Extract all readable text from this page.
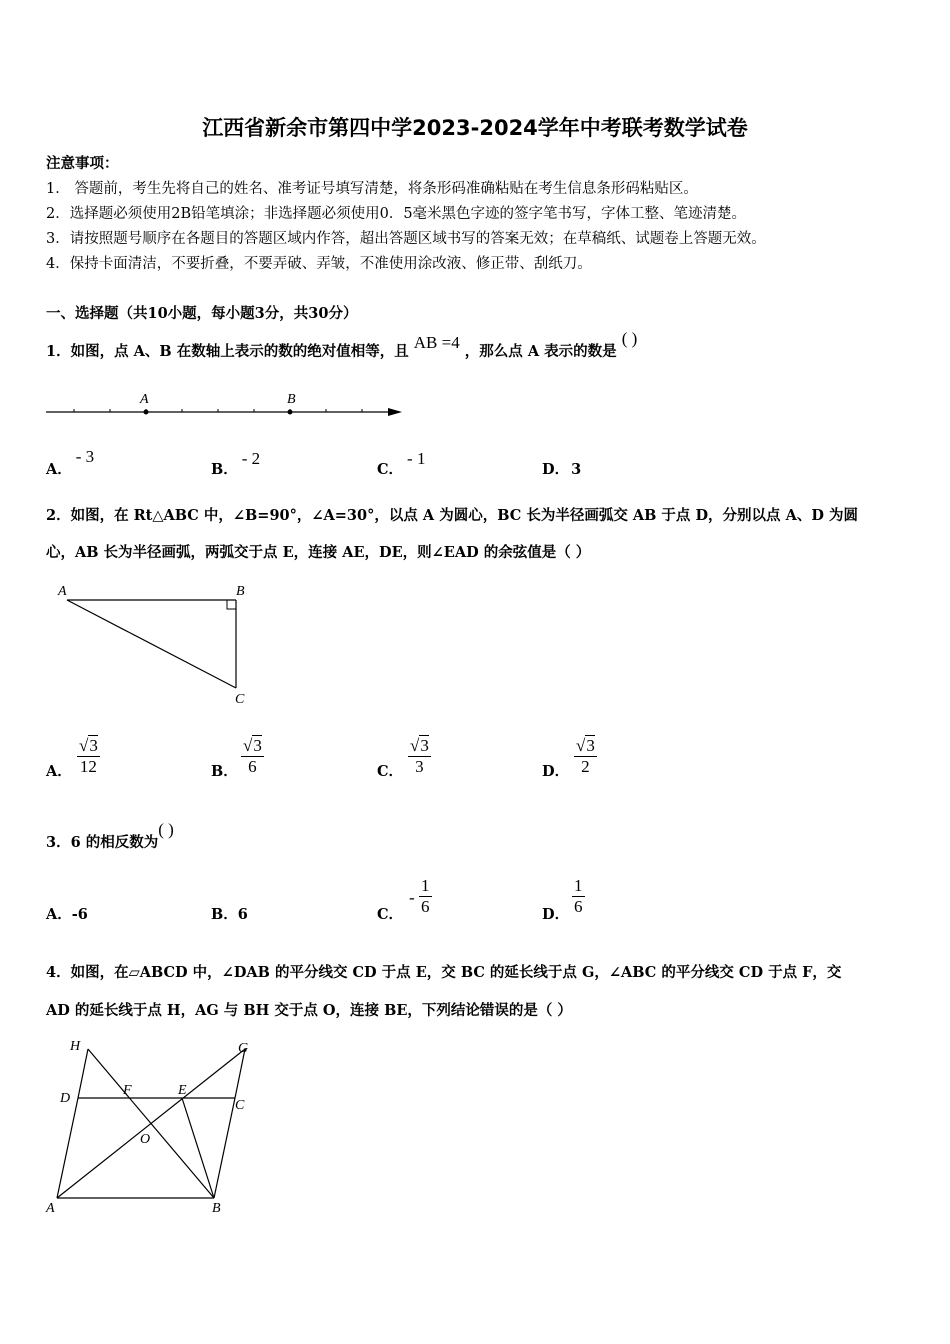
江西省新余市第四中学2023-2024学年中考联考数学试卷
注意事项：
1． 答题前，考生先将自己的姓名、准考证号填写清楚，将条形码准确粘贴在考生信息条形码粘贴区。
2．选择题必须使用2B铅笔填涂；非选择题必须使用0．5毫米黑色字迹的签字笔书写，字体工整、笔迹清楚。
3．请按照题号顺序在各题目的答题区域内作答，超出答题区域书写的答案无效；在草稿纸、试题卷上答题无效。
4．保持卡面清洁，不要折叠，不要弄破、弄皱，不准使用涂改液、修正带、刮纸刀。
一、选择题（共10小题，每小题3分，共30分）
1．如图，点 A、B 在数轴上表示的数的绝对值相等，且 AB =4 ，那么点 A 表示的数是 ( )
A	B
A．- 3
B．- 2
C．- 1
D． 3
2．如图，在 Rt△ABC 中，∠B=90°，∠A=30°，以点 A 为圆心，BC 长为半径画弧交 AB 于点 D，分别以点 A、D 为圆
心，AB 长为半径画弧，两弧交于点 E，连接 AE，DE，则∠EAD 的余弦值是（ ）
A	B
C
A． $\frac{√3}{12}$	B． $\frac{√3}{6}$	C． $\frac{√3}{3}$	D． $\frac{√3}{2}$
3．6 的相反数为( )
A．-6	B．6	C．
- $\frac{1}{6}$	D． $\frac{1}{6}$
4．如图，在▱ABCD 中，∠DAB 的平分线交 CD 于点 E，交 BC 的延长线于点 G，∠ABC 的平分线交 CD 于点 F，交
AD 的延长线于点 H，AG 与 BH 交于点 O，连接 BE，下列结论错误的是（ ）
H	G
D
F	E
C
O
A	B
